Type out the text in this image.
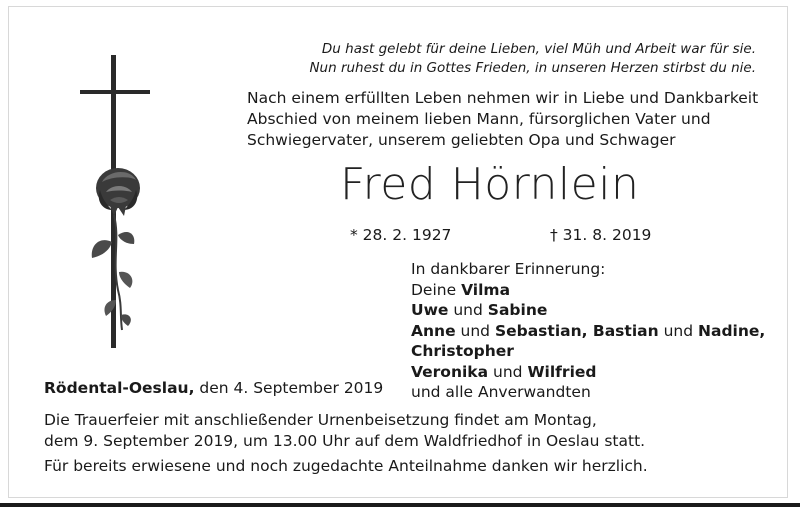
Du hast gelebt für deine Lieben, viel Müh und Arbeit war für sie.
Nun ruhest du in Gottes Frieden, in unseren Herzen stirbst du nie.
Nach einem erfüllten Leben nehmen wir in Liebe und Dankbarkeit
Abschied von meinem lieben Mann, fürsorglichen Vater und
Schwiegervater, unserem geliebten Opa und Schwager
Fred Hörnlein
* 28. 2. 1927	† 31. 8. 2019
In dankbarer Erinnerung:
Deine Vilma
Uwe und Sabine
Anne und Sebastian, Bastian und Nadine,
Christopher
Veronika und Wilfried
und alle Anverwandten
Rödental-Oeslau, den 4. September 2019
Die Trauerfeier mit anschließender Urnenbeisetzung findet am Montag,
dem 9. September 2019, um 13.00 Uhr auf dem Waldfriedhof in Oeslau statt.
Für bereits erwiesene und noch zugedachte Anteilnahme danken wir herzlich.
